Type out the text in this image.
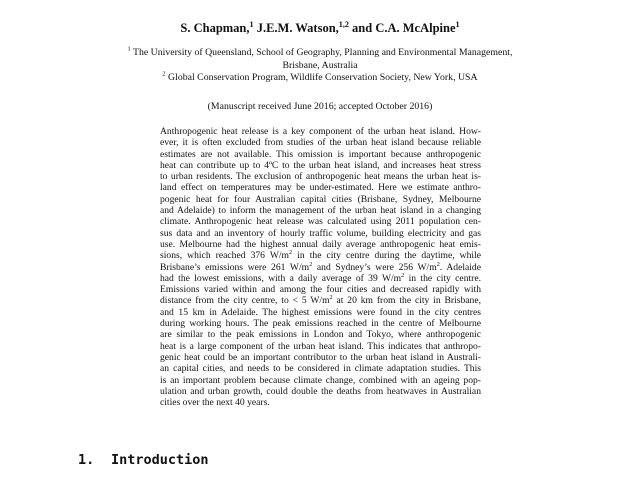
S. Chapman,$^1$ J.E.M. Watson,$^{1,2}$ and C.A. McAlpine$^1$
$^1$ The University of Queensland, School of Geography, Planning and Environmental Management,
Brisbane, Australia
$^2$ Global Conservation Program, Wildlife Conservation Society, New York, USA
(Manuscript received June 2016; accepted October 2016)
Anthropogenic heat release is a key component of the urban heat island. How-
ever, it is often excluded from studies of the urban heat island because reliable
estimates are not available. This omission is important because anthropogenic
heat can contribute up to 4ºC to the urban heat island, and increases heat stress
to urban residents. The exclusion of anthropogenic heat means the urban heat is-
land effect on temperatures may be under-estimated. Here we estimate anthro-
pogenic heat for four Australian capital cities (Brisbane, Sydney, Melbourne
and Adelaide) to inform the management of the urban heat island in a changing
climate. Anthropogenic heat release was calculated using 2011 population cen-
sus data and an inventory of hourly traffic volume, building electricity and gas
use. Melbourne had the highest annual daily average anthropogenic heat emis-
sions, which reached 376 $W/m^2$ in the city centre during the daytime, while
Brisbane’s emissions were 261 $W/m^2$ and Sydney’s were 256 $W/m^2$. Adelaide
had the lowest emissions, with a daily average of 39 $W/m^2$ in the city centre.
Emissions varied within and among the four cities and decreased rapidly with
distance from the city centre, to < 5 $W/m^2$ at 20 km from the city in Brisbane,
and 15 km in Adelaide. The highest emissions were found in the city centres
during working hours. The peak emissions reached in the centre of Melbourne
are similar to the peak emissions in London and Tokyo, where anthropogenic
heat is a large component of the urban heat island. This indicates that anthropo-
genic heat could be an important contributor to the urban heat island in Australi-
an capital cities, and needs to be considered in climate adaptation studies. This
is an important problem because climate change, combined with an ageing pop-
ulation and urban growth, could double the deaths from heatwaves in Australian
cities over the next 40 years.
1. Introduction
